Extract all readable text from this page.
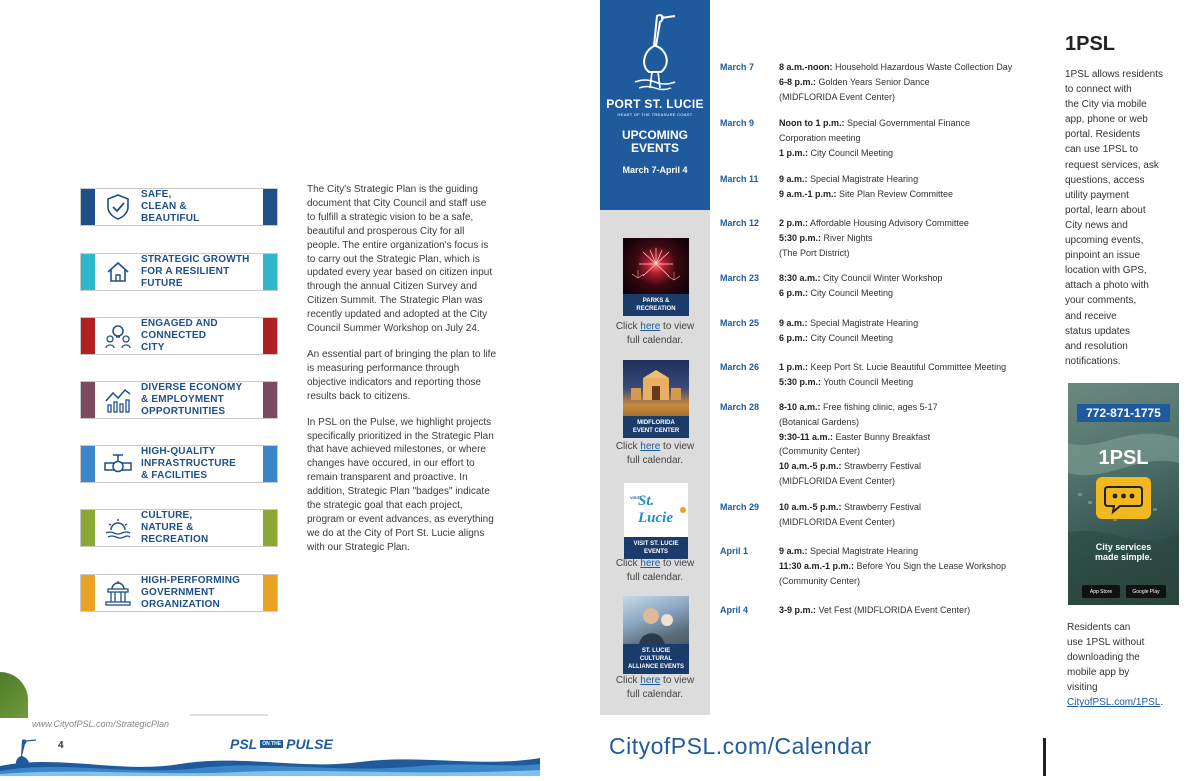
SAFE,
CLEAN &
BEAUTIFUL
STRATEGIC GROWTH
FOR A RESILIENT
FUTURE
ENGAGED AND
CONNECTED
CITY
DIVERSE ECONOMY
& EMPLOYMENT
OPPORTUNITIES
HIGH-QUALITY
INFRASTRUCTURE
& FACILITIES
CULTURE,
NATURE &
RECREATION
HIGH-PERFORMING
GOVERNMENT
ORGANIZATION

The City's Strategic Plan is the guiding document that City Council and staff use to fulfill a strategic vision to be a safe, beautiful and prosperous City for all people. The entire organization's focus is to carry out the Strategic Plan, which is updated every year based on citizen input through the annual Citizen Survey and Citizen Summit. The Strategic Plan was recently updated and adopted at the City Council Summer Workshop on July 24.

An essential part of bringing the plan to life is measuring performance through objective indicators and reporting those results back to citizens.

In PSL on the Pulse, we highlight projects specifically prioritized in the Strategic Plan that have achieved milestones, or where changes have occured, in our effort to remain transparent and proactive. In addition, Strategic Plan "badges" indicate the strategic goal that each project, program or event advances, as everything we do at the City of Port St. Lucie aligns with our Strategic Plan.

www.CityofPSL.com/StrategicPlan
4	PSL	ON THE PULSE
PORT ST. LUCIE
HEART OF THE TREASURE COAST
UPCOMING
EVENTS
March 7-April 4
PARKS &
RECREATION
Click here to view
full calendar.
MIDFLORIDA
EVENT CENTER
Click here to view
full calendar.
VISIT
St. Lucie
VISIT ST. LUCIE
EVENTS
Click here to view
full calendar.
ST. LUCIE CULTURAL
ALLIANCE EVENTS
Click here to view
full calendar.
March 7	8 a.m.-noon: Household Hazardous Waste Collection Day
6-8 p.m.: Golden Years Senior Dance
(MIDFLORIDA Event Center)
March 9	Noon to 1 p.m.: Special Governmental Finance
Corporation meeting
1 p.m.: City Council Meeting
March 11 9 a.m.: Special Magistrate Hearing
9 a.m.-1 p.m.: Site Plan Review Committee
March 12 2 p.m.: Affordable Housing Advisory Committee
5:30 p.m.: River Nights
(The Port District)
March 23 8:30 a.m.: City Council Winter Workshop
6 p.m.: City Council Meeting
March 25 9 a.m.: Special Magistrate Hearing
6 p.m.: City Council Meeting
March 26 1 p.m.: Keep Port St. Lucie Beautiful Committee Meeting
5:30 p.m.: Youth Council Meeting
March 28 8-10 a.m.: Free fishing clinic, ages 5-17
(Botanical Gardens)
9:30-11 a.m.: Easter Bunny Breakfast
(Community Center)
10 a.m.-5 p.m.: Strawberry Festival
(MIDFLORIDA Event Center)
March 29 10 a.m.-5 p.m.: Strawberry Festival
(MIDFLORIDA Event Center)
April 1	9 a.m.: Special Magistrate Hearing
11:30 a.m.-1 p.m.: Before You Sign the Lease Workshop
(Community Center)
April 4	3-9 p.m.: Vet Fest (MIDFLORIDA Event Center)
CityofPSL.com/Calendar
1PSL
1PSL allows residents
to connect with
the City via mobile
app, phone or web
portal. Residents
can use 1PSL to
request services, ask
questions, access
utility payment
portal, learn about
City news and
upcoming events,
pinpoint an issue
location with GPS,
attach a photo with
your comments,
and receive
status updates
and resolution
notifications.
772-871-1775
1PSL
City services
made simple.
App Store	Google Play
Residents can
use 1PSL without
downloading the
mobile app by
visiting
CityofPSL.com/1PSL.
